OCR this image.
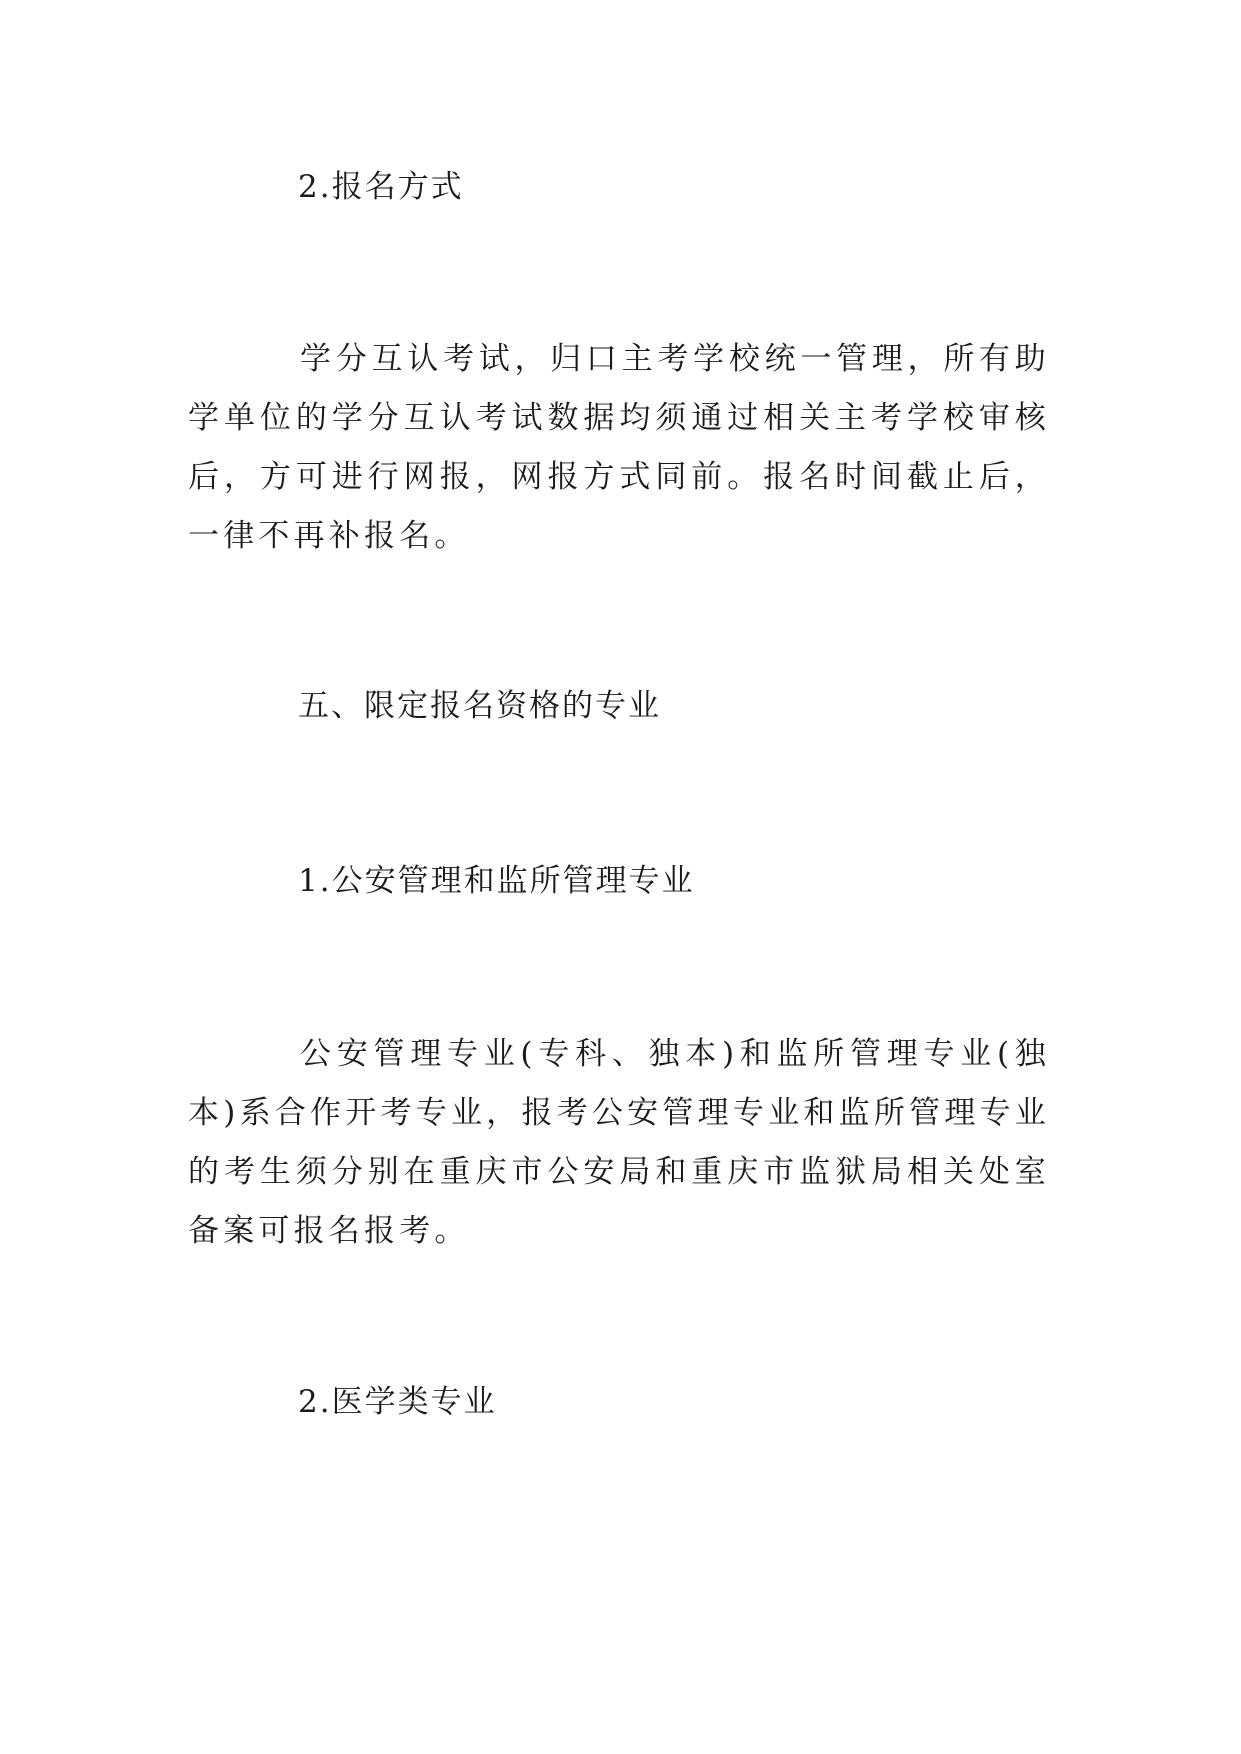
2.报名方式
学分互认考试，归口主考学校统一管理，所有助学单位的学分互认考试数据均须通过相关主考学校审核后，方可进行网报，网报方式同前。报名时间截止后，一律不再补报名。
五、限定报名资格的专业
1.公安管理和监所管理专业
公安管理专业(专科、独本)和监所管理专业(独本)系合作开考专业，报考公安管理专业和监所管理专业的考生须分别在重庆市公安局和重庆市监狱局相关处室备案可报名报考。
2.医学类专业
